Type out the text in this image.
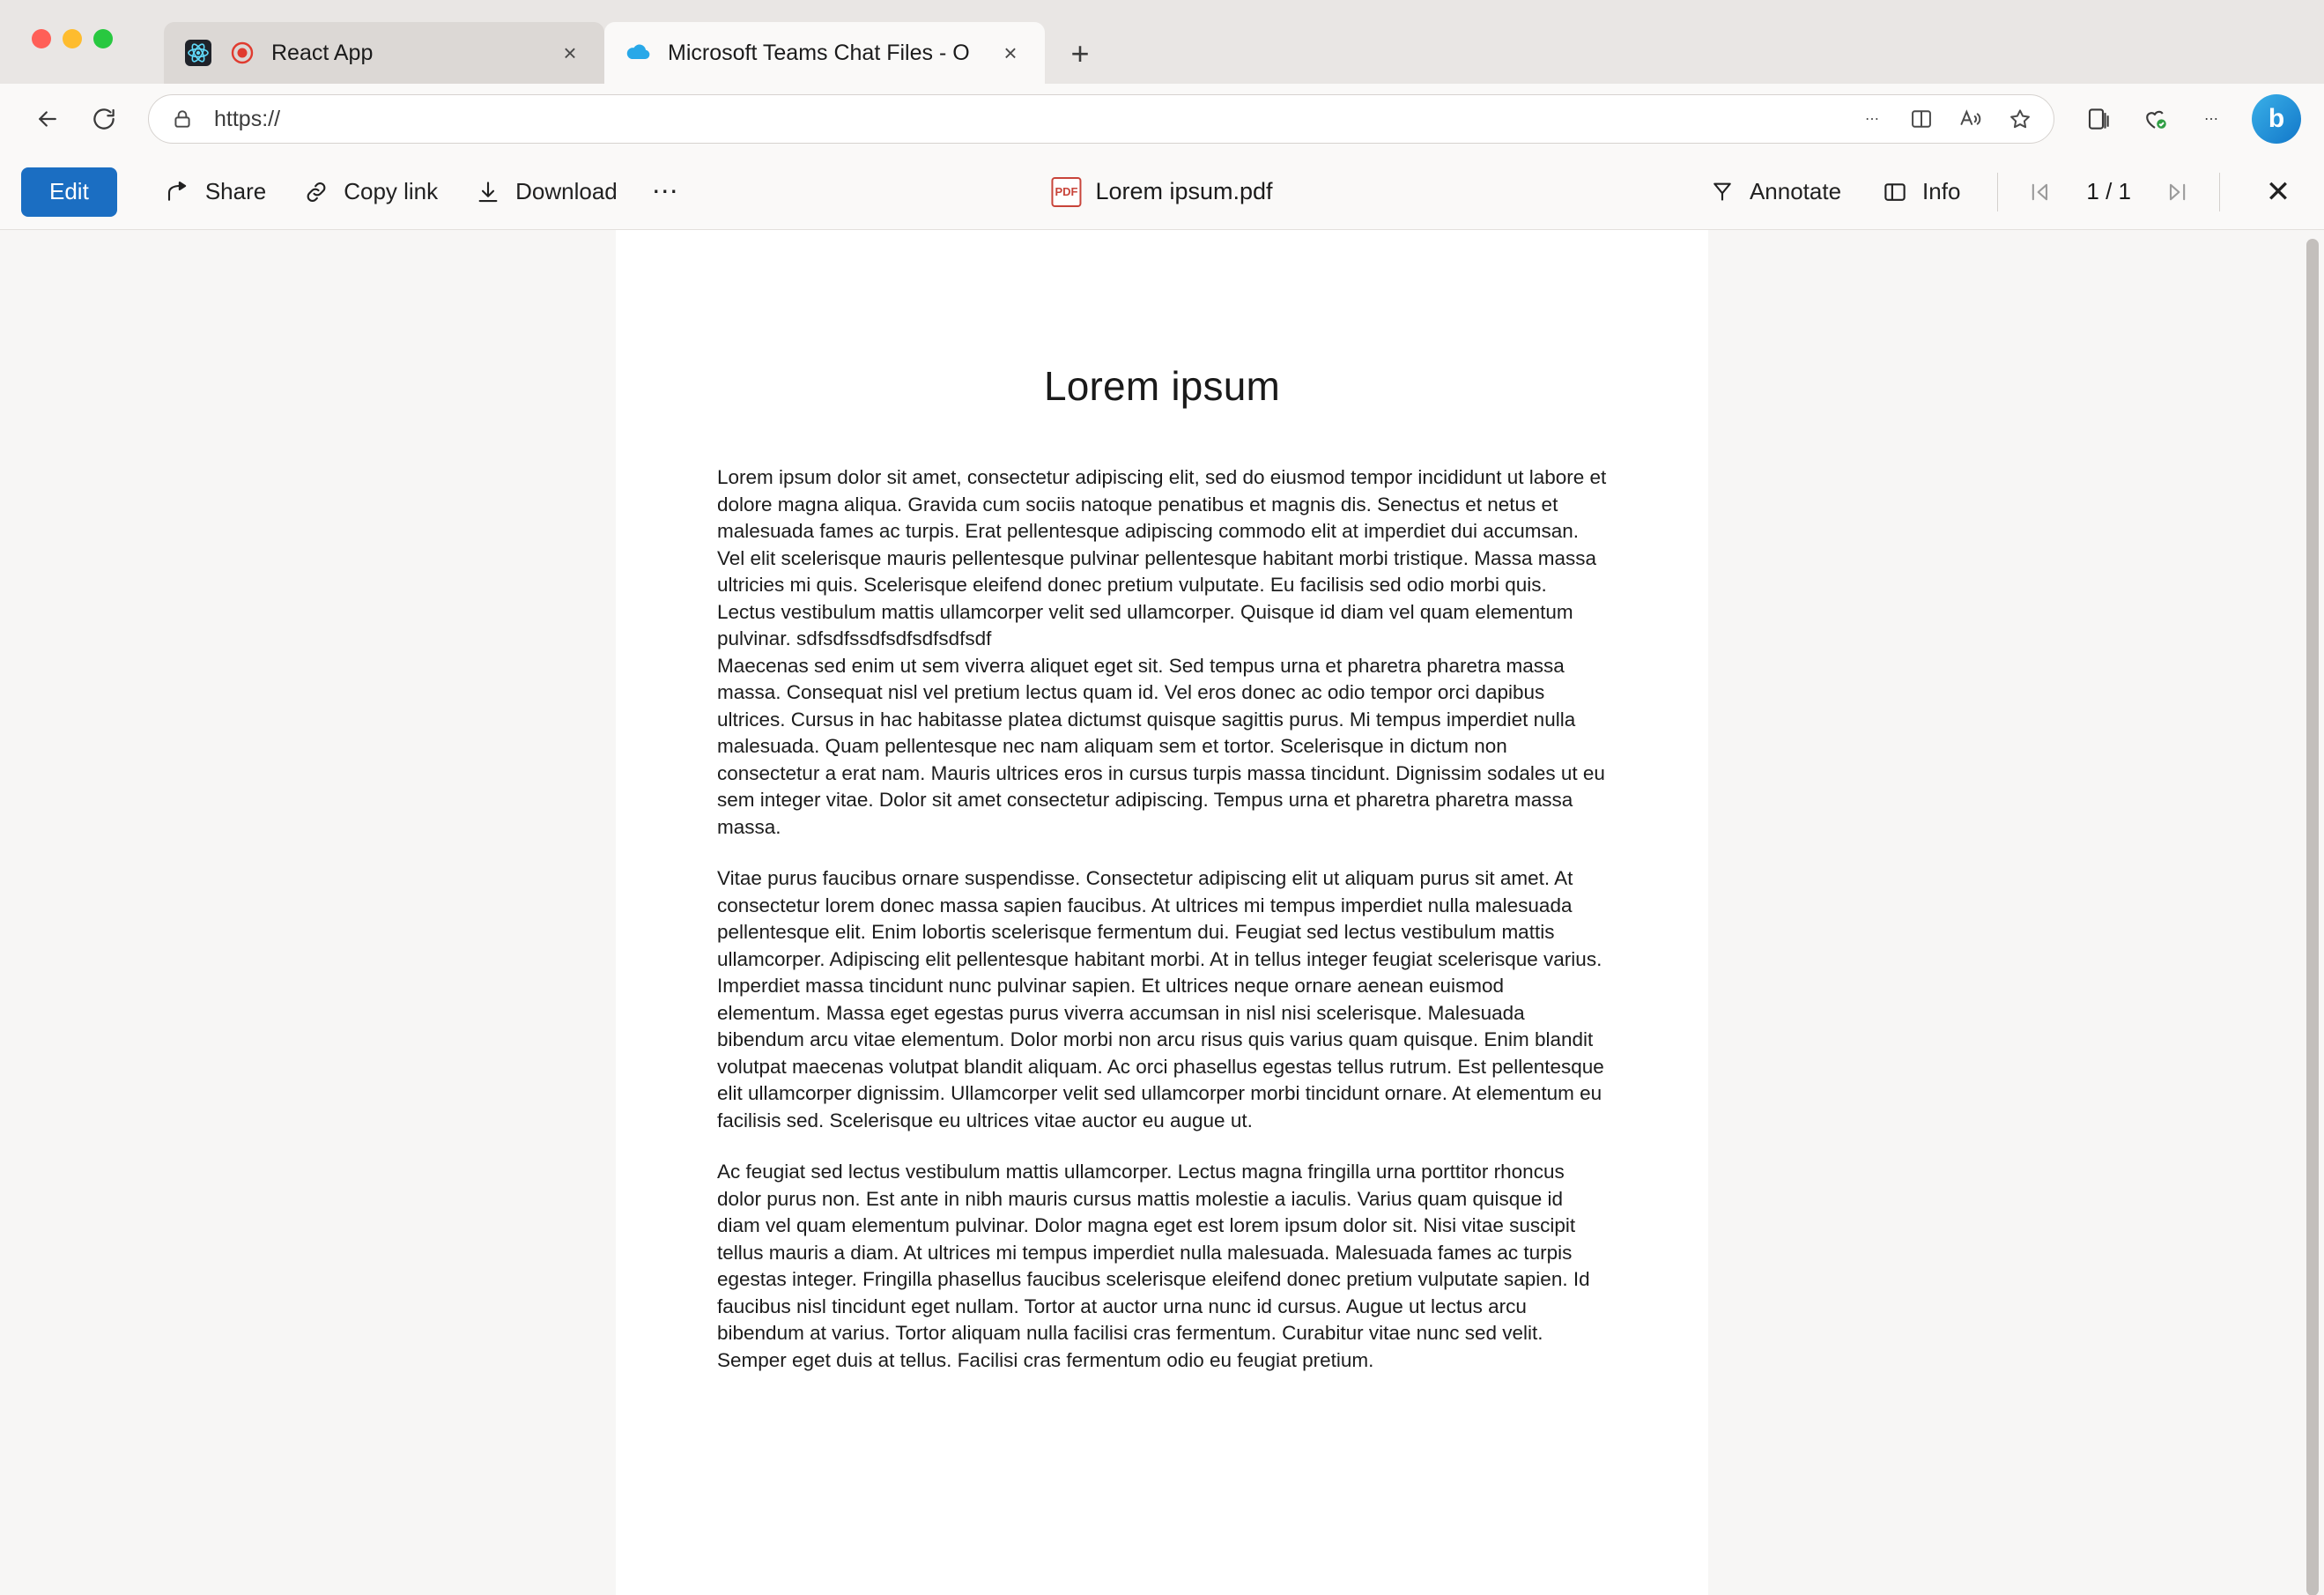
React App	×	Microsoft Teams Chat Files - O	×	+
https://	⋯	⋯	b
Edit	Share	Copy link	Download	⋯	PDF Lorem ipsum.pdf	Annotate	Info	1 / 1	✕
Lorem ipsum

Lorem ipsum dolor sit amet, consectetur adipiscing elit, sed do eiusmod tempor incididunt ut labore et dolore magna aliqua. Gravida cum sociis natoque penatibus et magnis dis. Senectus et netus et malesuada fames ac turpis. Erat pellentesque adipiscing commodo elit at imperdiet dui accumsan. Vel elit scelerisque mauris pellentesque pulvinar pellentesque habitant morbi tristique. Massa massa ultricies mi quis. Scelerisque eleifend donec pretium vulputate. Eu facilisis sed odio morbi quis. Lectus vestibulum mattis ullamcorper velit sed ullamcorper. Quisque id diam vel quam elementum pulvinar. sdfsdfssdfsdfsdfsdfsdf

Maecenas sed enim ut sem viverra aliquet eget sit. Sed tempus urna et pharetra pharetra massa massa. Consequat nisl vel pretium lectus quam id. Vel eros donec ac odio tempor orci dapibus ultrices. Cursus in hac habitasse platea dictumst quisque sagittis purus. Mi tempus imperdiet nulla malesuada. Quam pellentesque nec nam aliquam sem et tortor. Scelerisque in dictum non consectetur a erat nam. Mauris ultrices eros in cursus turpis massa tincidunt. Dignissim sodales ut eu sem integer vitae. Dolor sit amet consectetur adipiscing. Tempus urna et pharetra pharetra massa massa.

Vitae purus faucibus ornare suspendisse. Consectetur adipiscing elit ut aliquam purus sit amet. At consectetur lorem donec massa sapien faucibus. At ultrices mi tempus imperdiet nulla malesuada pellentesque elit. Enim lobortis scelerisque fermentum dui. Feugiat sed lectus vestibulum mattis ullamcorper. Adipiscing elit pellentesque habitant morbi. At in tellus integer feugiat scelerisque varius. Imperdiet massa tincidunt nunc pulvinar sapien. Et ultrices neque ornare aenean euismod elementum. Massa eget egestas purus viverra accumsan in nisl nisi scelerisque. Malesuada bibendum arcu vitae elementum. Dolor morbi non arcu risus quis varius quam quisque. Enim blandit volutpat maecenas volutpat blandit aliquam. Ac orci phasellus egestas tellus rutrum. Est pellentesque elit ullamcorper dignissim. Ullamcorper velit sed ullamcorper morbi tincidunt ornare. At elementum eu facilisis sed. Scelerisque eu ultrices vitae auctor eu augue ut.

Ac feugiat sed lectus vestibulum mattis ullamcorper. Lectus magna fringilla urna porttitor rhoncus dolor purus non. Est ante in nibh mauris cursus mattis molestie a iaculis. Varius quam quisque id diam vel quam elementum pulvinar. Dolor magna eget est lorem ipsum dolor sit. Nisi vitae suscipit tellus mauris a diam. At ultrices mi tempus imperdiet nulla malesuada. Malesuada fames ac turpis egestas integer. Fringilla phasellus faucibus scelerisque eleifend donec pretium vulputate sapien. Id faucibus nisl tincidunt eget nullam. Tortor at auctor urna nunc id cursus. Augue ut lectus arcu bibendum at varius. Tortor aliquam nulla facilisi cras fermentum. Curabitur vitae nunc sed velit. Semper eget duis at tellus. Facilisi cras fermentum odio eu feugiat pretium.
